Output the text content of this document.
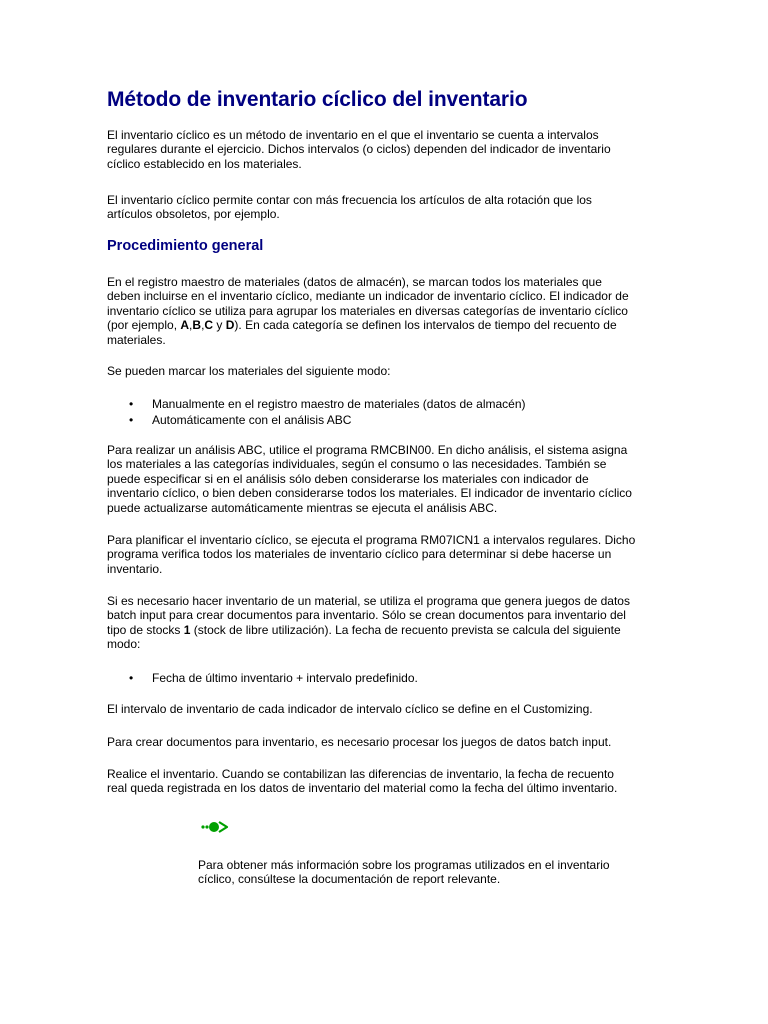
Método de inventario cíclico del inventario
El inventario cíclico es un método de inventario en el que el inventario se cuenta a intervalos
regulares durante el ejercicio. Dichos intervalos (o ciclos) dependen del indicador de inventario
cíclico establecido en los materiales.
El inventario cíclico permite contar con más frecuencia los artículos de alta rotación que los
artículos obsoletos, por ejemplo.
Procedimiento general
En el registro maestro de materiales (datos de almacén), se marcan todos los materiales que
deben incluirse en el inventario cíclico, mediante un indicador de inventario cíclico. El indicador de
inventario cíclico se utiliza para agrupar los materiales en diversas categorías de inventario cíclico
(por ejemplo, A,B,C y D). En cada categoría se definen los intervalos de tiempo del recuento de
materiales.
Se pueden marcar los materiales del siguiente modo:
• Manualmente en el registro maestro de materiales (datos de almacén)
• Automáticamente con el análisis ABC
Para realizar un análisis ABC, utilice el programa RMCBIN00. En dicho análisis, el sistema asigna
los materiales a las categorías individuales, según el consumo o las necesidades. También se
puede especificar si en el análisis sólo deben considerarse los materiales con indicador de
inventario cíclico, o bien deben considerarse todos los materiales. El indicador de inventario cíclico
puede actualizarse automáticamente mientras se ejecuta el análisis ABC.
Para planificar el inventario cíclico, se ejecuta el programa RM07ICN1 a intervalos regulares. Dicho
programa verifica todos los materiales de inventario cíclico para determinar si debe hacerse un
inventario.
Si es necesario hacer inventario de un material, se utiliza el programa que genera juegos de datos
batch input para crear documentos para inventario. Sólo se crean documentos para inventario del
tipo de stocks 1 (stock de libre utilización). La fecha de recuento prevista se calcula del siguiente
modo:
• Fecha de último inventario + intervalo predefinido.
El intervalo de inventario de cada indicador de intervalo cíclico se define en el Customizing.
Para crear documentos para inventario, es necesario procesar los juegos de datos batch input.
Realice el inventario. Cuando se contabilizan las diferencias de inventario, la fecha de recuento
real queda registrada en los datos de inventario del material como la fecha del último inventario.
Para obtener más información sobre los programas utilizados en el inventario
cíclico, consúltese la documentación de report relevante.
